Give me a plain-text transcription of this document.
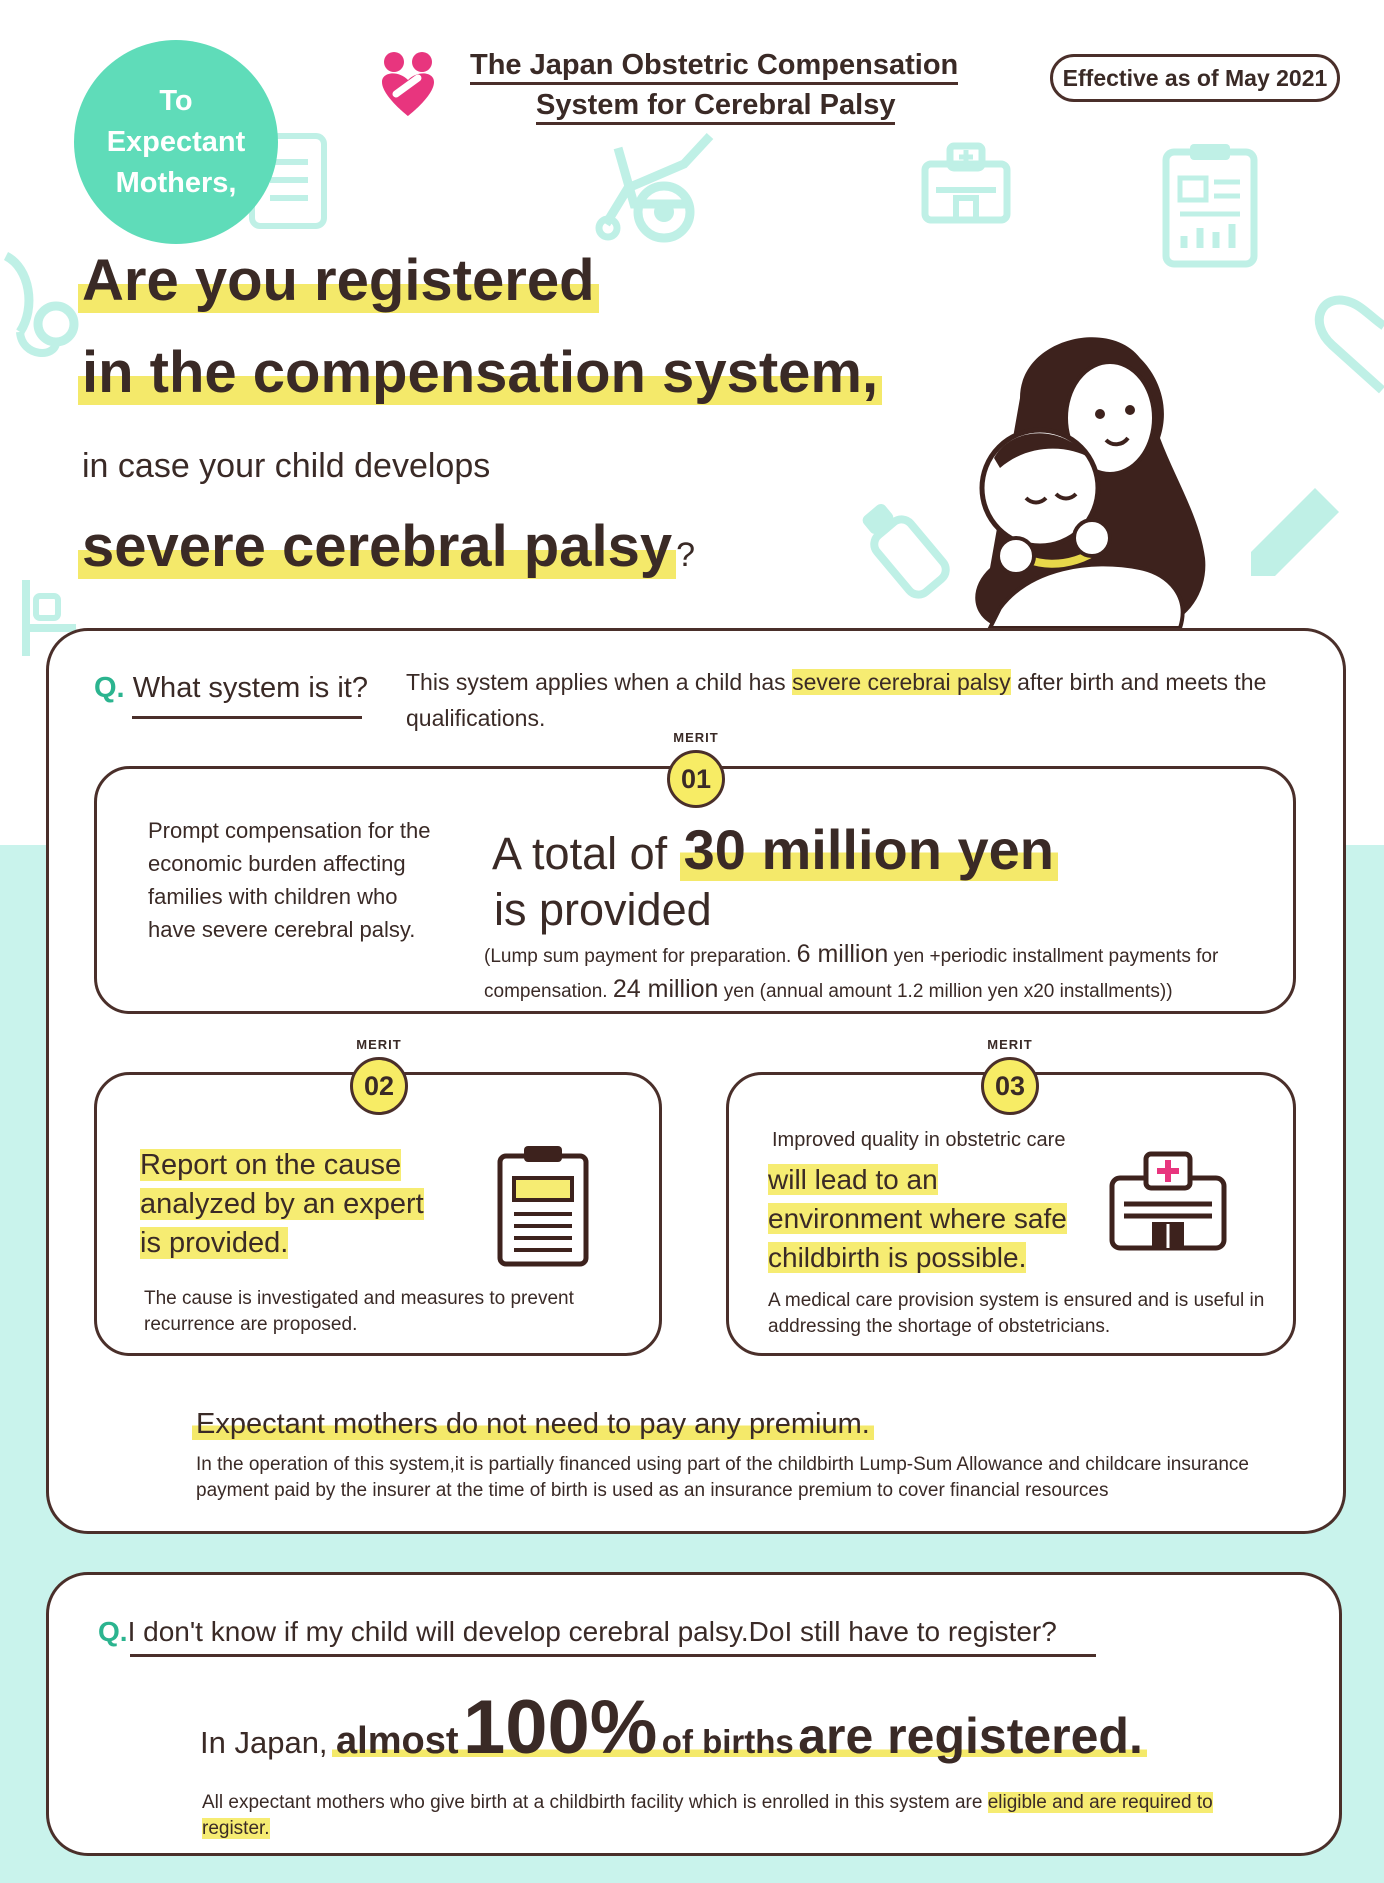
To Expectant Mothers,
The Japan Obstetric Compensation
System for Cerebral Palsy
Effective as of May 2021
Are you registered
in the compensation system,
in case your child develops
severe cerebral palsy ?
Q. What system is it? This system applies when a child has severe cerebrai palsy after birth and meets the qualifications.
MERIT
01
Prompt compensation for the economic burden affecting families with children who have severe cerebral palsy.
A total of 30 million yen
is provided
(Lump sum payment for preparation. 6 million yen +periodic installment payments for compensation. 24 million yen (annual amount 1.2 million yen x20 installments))
MERIT
02
Report on the cause
analyzed by an expert
is provided.
The cause is investigated and measures to prevent recurrence are proposed.
MERIT
03
Improved quality in obstetric care
will lead to an
environment where safe
childbirth is possible.
A medical care provision system is ensured and is useful in addressing the shortage of obstetricians.
Expectant mothers do not need to pay any premium.
In the operation of this system,it is partially financed using part of the childbirth Lump-Sum Allowance and childcare insurance payment paid by the insurer at the time of birth is used as an insurance premium to cover financial resources
Q.I don't know if my child will develop cerebral palsy.DoI still have to register?
In Japan, almost 100% of births are registered.
All expectant mothers who give birth at a childbirth facility which is enrolled in this system are eligible and are required to register.
